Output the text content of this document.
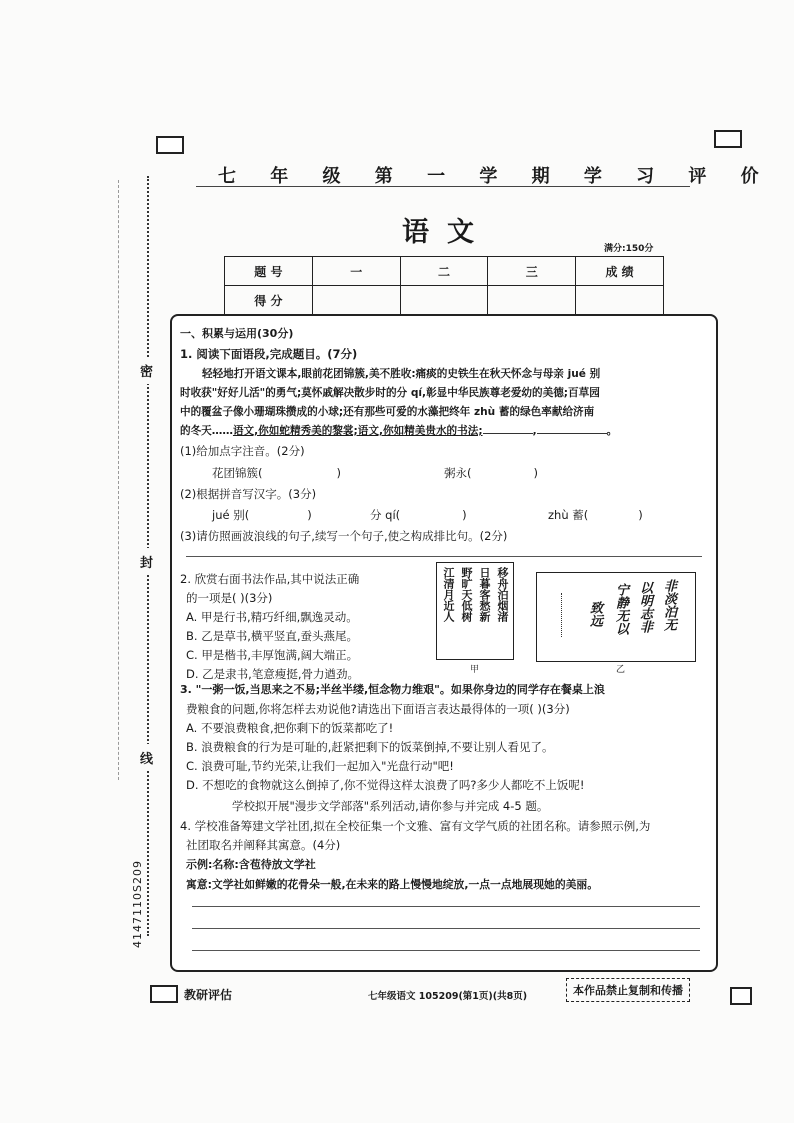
密
封
线
4147110S209
七 年 级 第 一 学 期 学 习 评 价
语文
满分:150分
题 号	一	二	三	成 绩
得 分				
一、积累与运用(30分)
1. 阅读下面语段,完成题目。(7分)
轻轻地打开语文课本,眼前花团锦簇,美不胜收:痛痰的史铁生在秋天怀念与母亲 jué 别
时收获"好好儿活"的勇气;莫怀戚解决散步时的分 qí,彰显中华民族尊老爱幼的美德;百草园
中的覆盆子像小珊瑚珠攒成的小球;还有那些可爱的水藻把终年 zhù 蓄的绿色率献给济南
的冬天……语文,你如蛇精秀美的黎裳;语文,你如精美贵水的书法;	,	。
(1)给加点字注音。(2分)
花团锦簇(	)	粥永(	)
(2)根据拼音写汉字。(3分)
jué 别(	)	分 qí(	)	zhù 蓄(	)
(3)请仿照画波浪线的句子,续写一个句子,使之构成排比句。(2分)
2. 欣赏右面书法作品,其中说法正确
的一项是( )(3分)
A. 甲是行书,精巧纤细,飘逸灵动。
B. 乙是草书,横平竖直,蚕头燕尾。
C. 甲是楷书,丰厚饱满,阔大端正。
D. 乙是隶书,笔意瘦挺,骨力遒劲。
移舟泊烟渚
日暮客愁新
野旷天低树
江清月近人
甲
非淡泊无
以明志非
宁静无以
致远
乙
3. "一粥一饭,当思来之不易;半丝半缕,恒念物力维艰"。如果你身边的同学存在餐桌上浪
费粮食的问题,你将怎样去劝说他?请选出下面语言表达最得体的一项( )(3分)
A. 不要浪费粮食,把你剩下的饭菜都吃了!
B. 浪费粮食的行为是可耻的,赶紧把剩下的饭菜倒掉,不要让别人看见了。
C. 浪费可耻,节约光荣,让我们一起加入"光盘行动"吧!
D. 不想吃的食物就这么倒掉了,你不觉得这样太浪费了吗?多少人都吃不上饭呢!
学校拟开展"漫步文学部落"系列活动,请你参与并完成 4-5 题。
4. 学校准备筹建文学社团,拟在全校征集一个文雅、富有文学气质的社团名称。请参照示例,为
社团取名并阐释其寓意。(4分)
示例:名称:含苞待放文学社
寓意:文学社如鲜嫩的花骨朵一般,在未来的路上慢慢地绽放,一点一点地展现她的美丽。
教研评估	七年级语文 105209(第1页)(共8页)	本作品禁止复制和传播
